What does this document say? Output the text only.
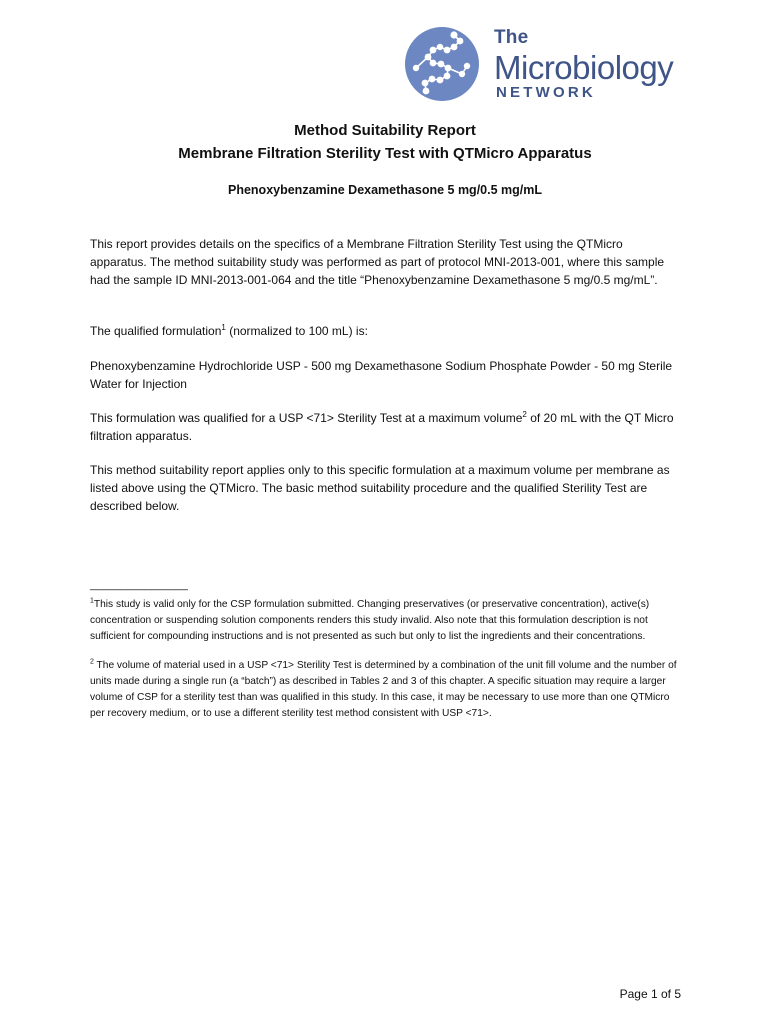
The
Microbiology
NETWORK
Method Suitability Report
Membrane Filtration Sterility Test with QTMicro Apparatus
Phenoxybenzamine Dexamethasone 5 mg/0.5 mg/mL
This report provides details on the specifics of a Membrane Filtration Sterility Test using the QTMicro apparatus. The method suitability study was performed as part of protocol MNI-2013-001, where this sample had the sample ID MNI-2013-001-064 and the title “Phenoxybenzamine Dexamethasone 5 mg/0.5 mg/mL”.
The qualified formulation$^1$ (normalized to 100 mL) is:
Phenoxybenzamine Hydrochloride USP - 500 mg Dexamethasone Sodium Phosphate Powder - 50 mg Sterile Water for Injection
This formulation was qualified for a USP <71> Sterility Test at a maximum volume$^2$ of 20 mL with the QT Micro filtration apparatus.
This method suitability report applies only to this specific formulation at a maximum volume per membrane as listed above using the QTMicro. The basic method suitability procedure and the qualified Sterility Test are described below.
________________
$^1$This study is valid only for the CSP formulation submitted. Changing preservatives (or preservative concentration), active(s) concentration or suspending solution components renders this study invalid. Also note that this formulation description is not sufficient for compounding instructions and is not presented as such but only to list the ingredients and their concentrations.
$^2$ The volume of material used in a USP <71> Sterility Test is determined by a combination of the unit fill volume and the number of units made during a single run (a “batch”) as described in Tables 2 and 3 of this chapter. A specific situation may require a larger volume of CSP for a sterility test than was qualified in this study. In this case, it may be necessary to use more than one QTMicro per recovery medium, or to use a different sterility test method consistent with USP <71>.
Page 1 of 5
